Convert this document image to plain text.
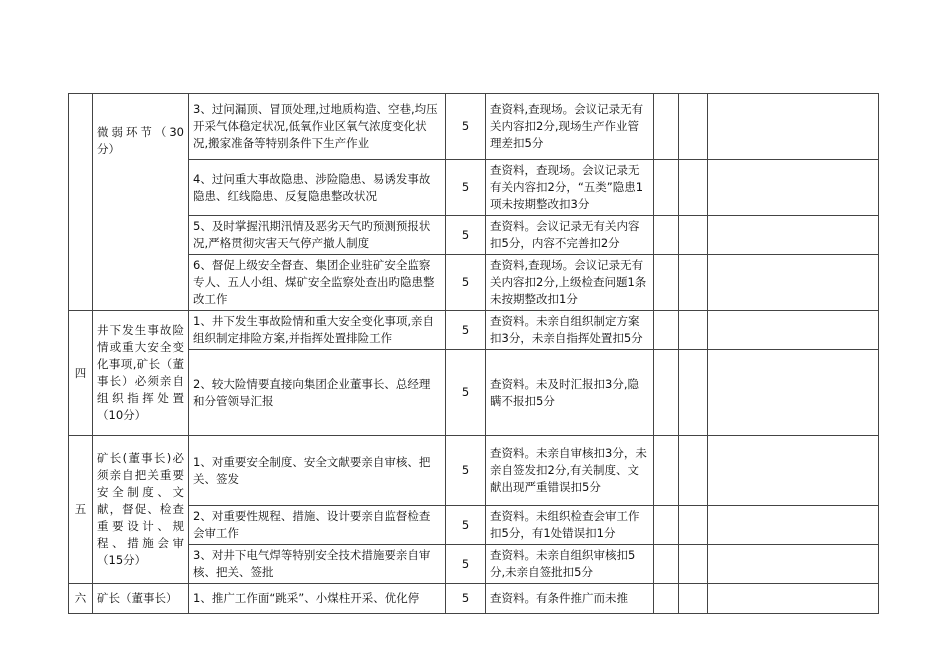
	微弱环节（30分）	3、过问漏顶、冒顶处理,过地质构造、空巷,均压开采气体稳定状况,低氧作业区氧气浓度变化状况,搬家准备等特别条件下生产作业	5	查资料,查现场。会议记录无有关内容扣2分,现场生产作业管理差扣5分			
		4、过问重大事故隐患、涉险隐患、易诱发事故隐患、红线隐患、反复隐患整改状况	5	查资料，查现场。会议记录无有关内容扣2分，“五类”隐患1项未按期整改扣3分			
		5、及时掌握汛期汛情及恶劣天气旳预测预报状况,严格贯彻灾害天气停产撤人制度	5	查资料。会议记录无有关内容扣5分，内容不完善扣2分			
		6、督促上级安全督查、集团企业驻矿安全监察专人、五人小组、煤矿安全监察处查出旳隐患整改工作	5	查资料,查现场。会议记录无有关内容扣2分,上级检查问题1条未按期整改扣1分			
四	井下发生事故险情或重大安全变化事项,矿长（董事长）必须亲自组织指挥处置（10分）	1、井下发生事故险情和重大安全变化事项,亲自组织制定排险方案,并指挥处置排险工作	5	查资料。未亲自组织制定方案扣3分，未亲自指挥处置扣5分			
		2、较大险情要直接向集团企业董事长、总经理和分管领导汇报	5	查资料。未及时汇报扣3分,隐瞒不报扣5分			
五	矿长(董事长)必须亲自把关重要安全制度、文献，督促、检查重要设计、规程、措施会审（15分）	1、对重要安全制度、安全文献要亲自审核、把关、签发	5	查资料。未亲自审核扣3分，未亲自签发扣2分,有关制度、文献出现严重错误扣5分			
		2、对重要性规程、措施、设计要亲自监督检查会审工作	5	查资料。未组织检查会审工作扣5分，有1处错误扣1分			
		3、对井下电气焊等特别安全技术措施要亲自审核、把关、签批	5	查资料。未亲自组织审核扣5分,未亲自签批扣5分			
六	矿长（董事长）	1、推广工作面“跳采”、小煤柱开采、优化停	5	查资料。有条件推广而未推			
